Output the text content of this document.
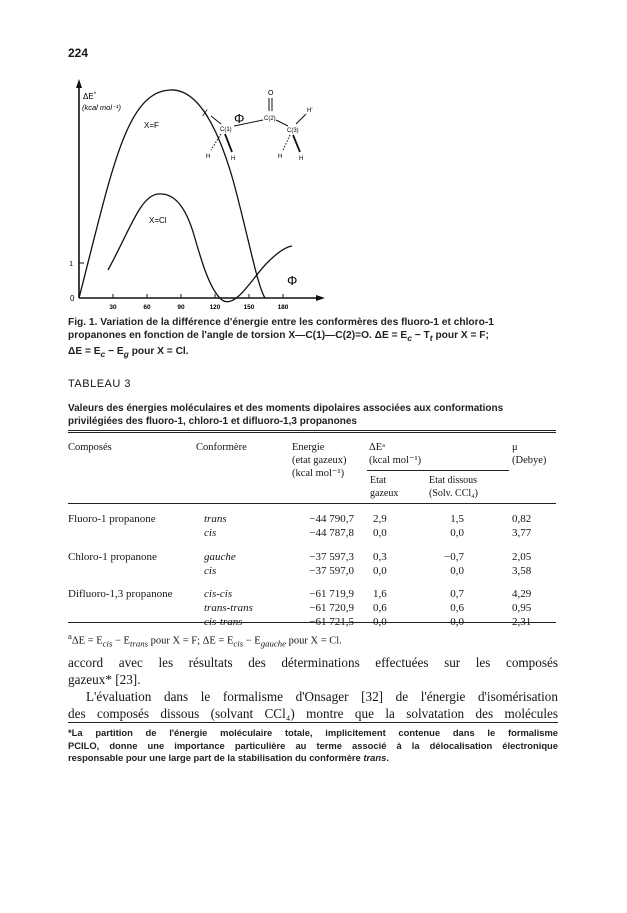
224
1
0
30	60	90	120	150	180
ΔE*
(kcal mol⁻¹)
X=F
X=Cl
Φ
Φ
O
C(2)
X
C(1)	C(3)
H'
H	H	H	H
Fig. 1. Variation de la différence d'énergie entre les conformères des fluoro-1 et chloro-1
propanones en fonction de l'angle de torsion X—C(1)—C(2)=O. $\Delta E = E_c - T_t$ pour X = F;
$\Delta E = E_c - E_g$ pour X = Cl.
TABLEAU 3
Valeurs des énergies moléculaires et des moments dipolaires associées aux conformations
privilégiées des fluoro-1, chloro-1 et difluoro-1,3 propanones
Composés	Conformère	Energie
(etat gazeux)
(kcal mol⁻¹)
ΔEᵃ
(kcal mol⁻¹)
Etat
gazeux
Etat dissous
(Solv. CCl₄)
μ
(Debye)
Fluoro-1 propanone	trans	−44 790,7 2,9	1,5	0,82
cis	−44 787,8 0,0	0,0	3,77
Chloro-1 propanone	gauche	−37 597,3 0,3	−0,7	2,05
cis	−37 597,0 0,0	0,0	3,58
Difluoro-1,3 propanone	cis-cis	−61 719,9 1,6	0,7	4,29
trans-trans	−61 720,9 0,6	0,6	0,95
cis-trans	−61 721,5 0,0	0,0	2,31
$^a\Delta E = E_{cis} - E_{trans}$ pour X = F; $\Delta E = E_{cis} - E_{gauche}$ pour X = Cl.
accord avec les résultats des déterminations effectuées sur les composés
gazeux* [23].
L'évaluation dans le formalisme d'Onsager [32] de l'énergie d'isomérisation
des composés dissous (solvant CCl₄) montre que la solvatation des molécules
*La partition de l'énergie moléculaire totale, implicitement contenue dans le formalisme
PCILO, donne une importance particulière au terme associé à la délocalisation électronique
responsable pour une large part de la stabilisation du conformère trans.
